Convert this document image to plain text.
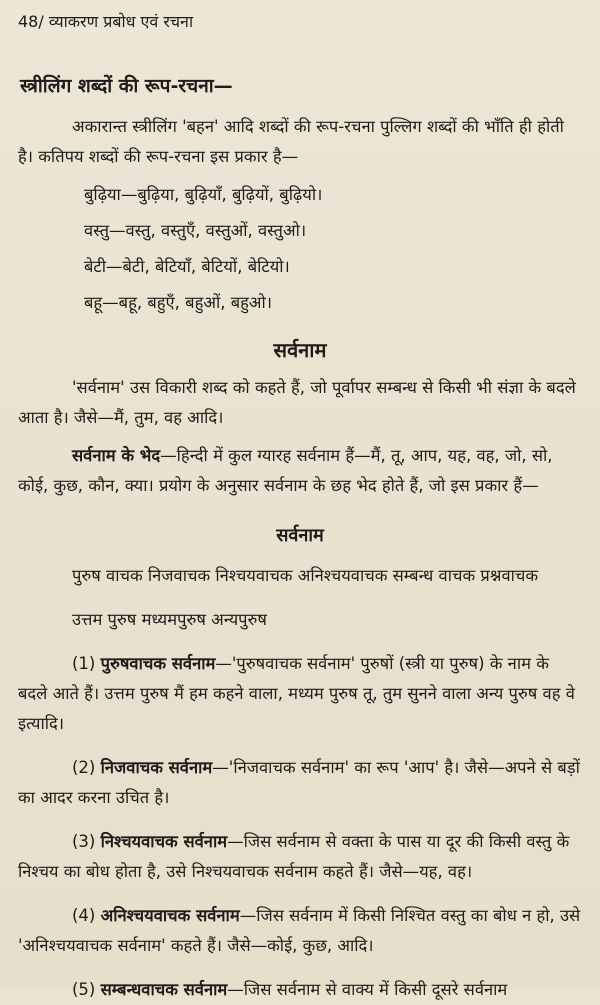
48/ व्याकरण प्रबोध एवं रचना
स्त्रीलिंग शब्दों की रूप-रचना—

अकारान्त स्त्रीलिंग 'बहन' आदि शब्दों की रूप-रचना पुल्लिग शब्दों की भाँति ही होती है। कतिपय शब्दों की रूप-रचना इस प्रकार है—

बुढ़िया—बुढ़िया, बुढ़ियाँ, बुढ़ियों, बुढ़ियो।
वस्तु—वस्तु, वस्तुएँ, वस्तुओं, वस्तुओ।
बेटी—बेटी, बेटियाँ, बेटियों, बेटियो।
बहू—बहू, बहुएँ, बहुओं, बहुओ।
सर्वनाम

'सर्वनाम' उस विकारी शब्द को कहते हैं, जो पूर्वापर सम्बन्ध से किसी भी संज्ञा के बदले आता है। जैसे—मैं, तुम, वह आदि।

सर्वनाम के भेद—हिन्दी में कुल ग्यारह सर्वनाम हैं—मैं, तू, आप, यह, वह, जो, सो, कोई, कुछ, कौन, क्या। प्रयोग के अनुसार सर्वनाम के छह भेद होते हैं, जो इस प्रकार हैं—

सर्वनाम

पुरुष वाचक निजवाचक निश्चयवाचक अनिश्चयवाचक सम्बन्ध वाचक प्रश्नवाचक

उत्तम पुरुष मध्यमपुरुष अन्यपुरुष

(1) पुरुषवाचक सर्वनाम—'पुरुषवाचक सर्वनाम' पुरुषों (स्त्री या पुरुष) के नाम के बदले आते हैं। उत्तम पुरुष मैं हम कहने वाला, मध्यम पुरुष तू, तुम सुनने वाला अन्य पुरुष वह वे इत्यादि।

(2) निजवाचक सर्वनाम—'निजवाचक सर्वनाम' का रूप 'आप' है। जैसे—अपने से बड़ों का आदर करना उचित है।

(3) निश्चयवाचक सर्वनाम—जिस सर्वनाम से वक्ता के पास या दूर की किसी वस्तु के निश्चय का बोध होता है, उसे निश्चयवाचक सर्वनाम कहते हैं। जैसे—यह, वह।

(4) अनिश्चयवाचक सर्वनाम—जिस सर्वनाम में किसी निश्चित वस्तु का बोध न हो, उसे 'अनिश्चयवाचक सर्वनाम' कहते हैं। जैसे—कोई, कुछ, आदि।

(5) सम्बन्धवाचक सर्वनाम—जिस सर्वनाम से वाक्य में किसी दूसरे सर्वनाम
